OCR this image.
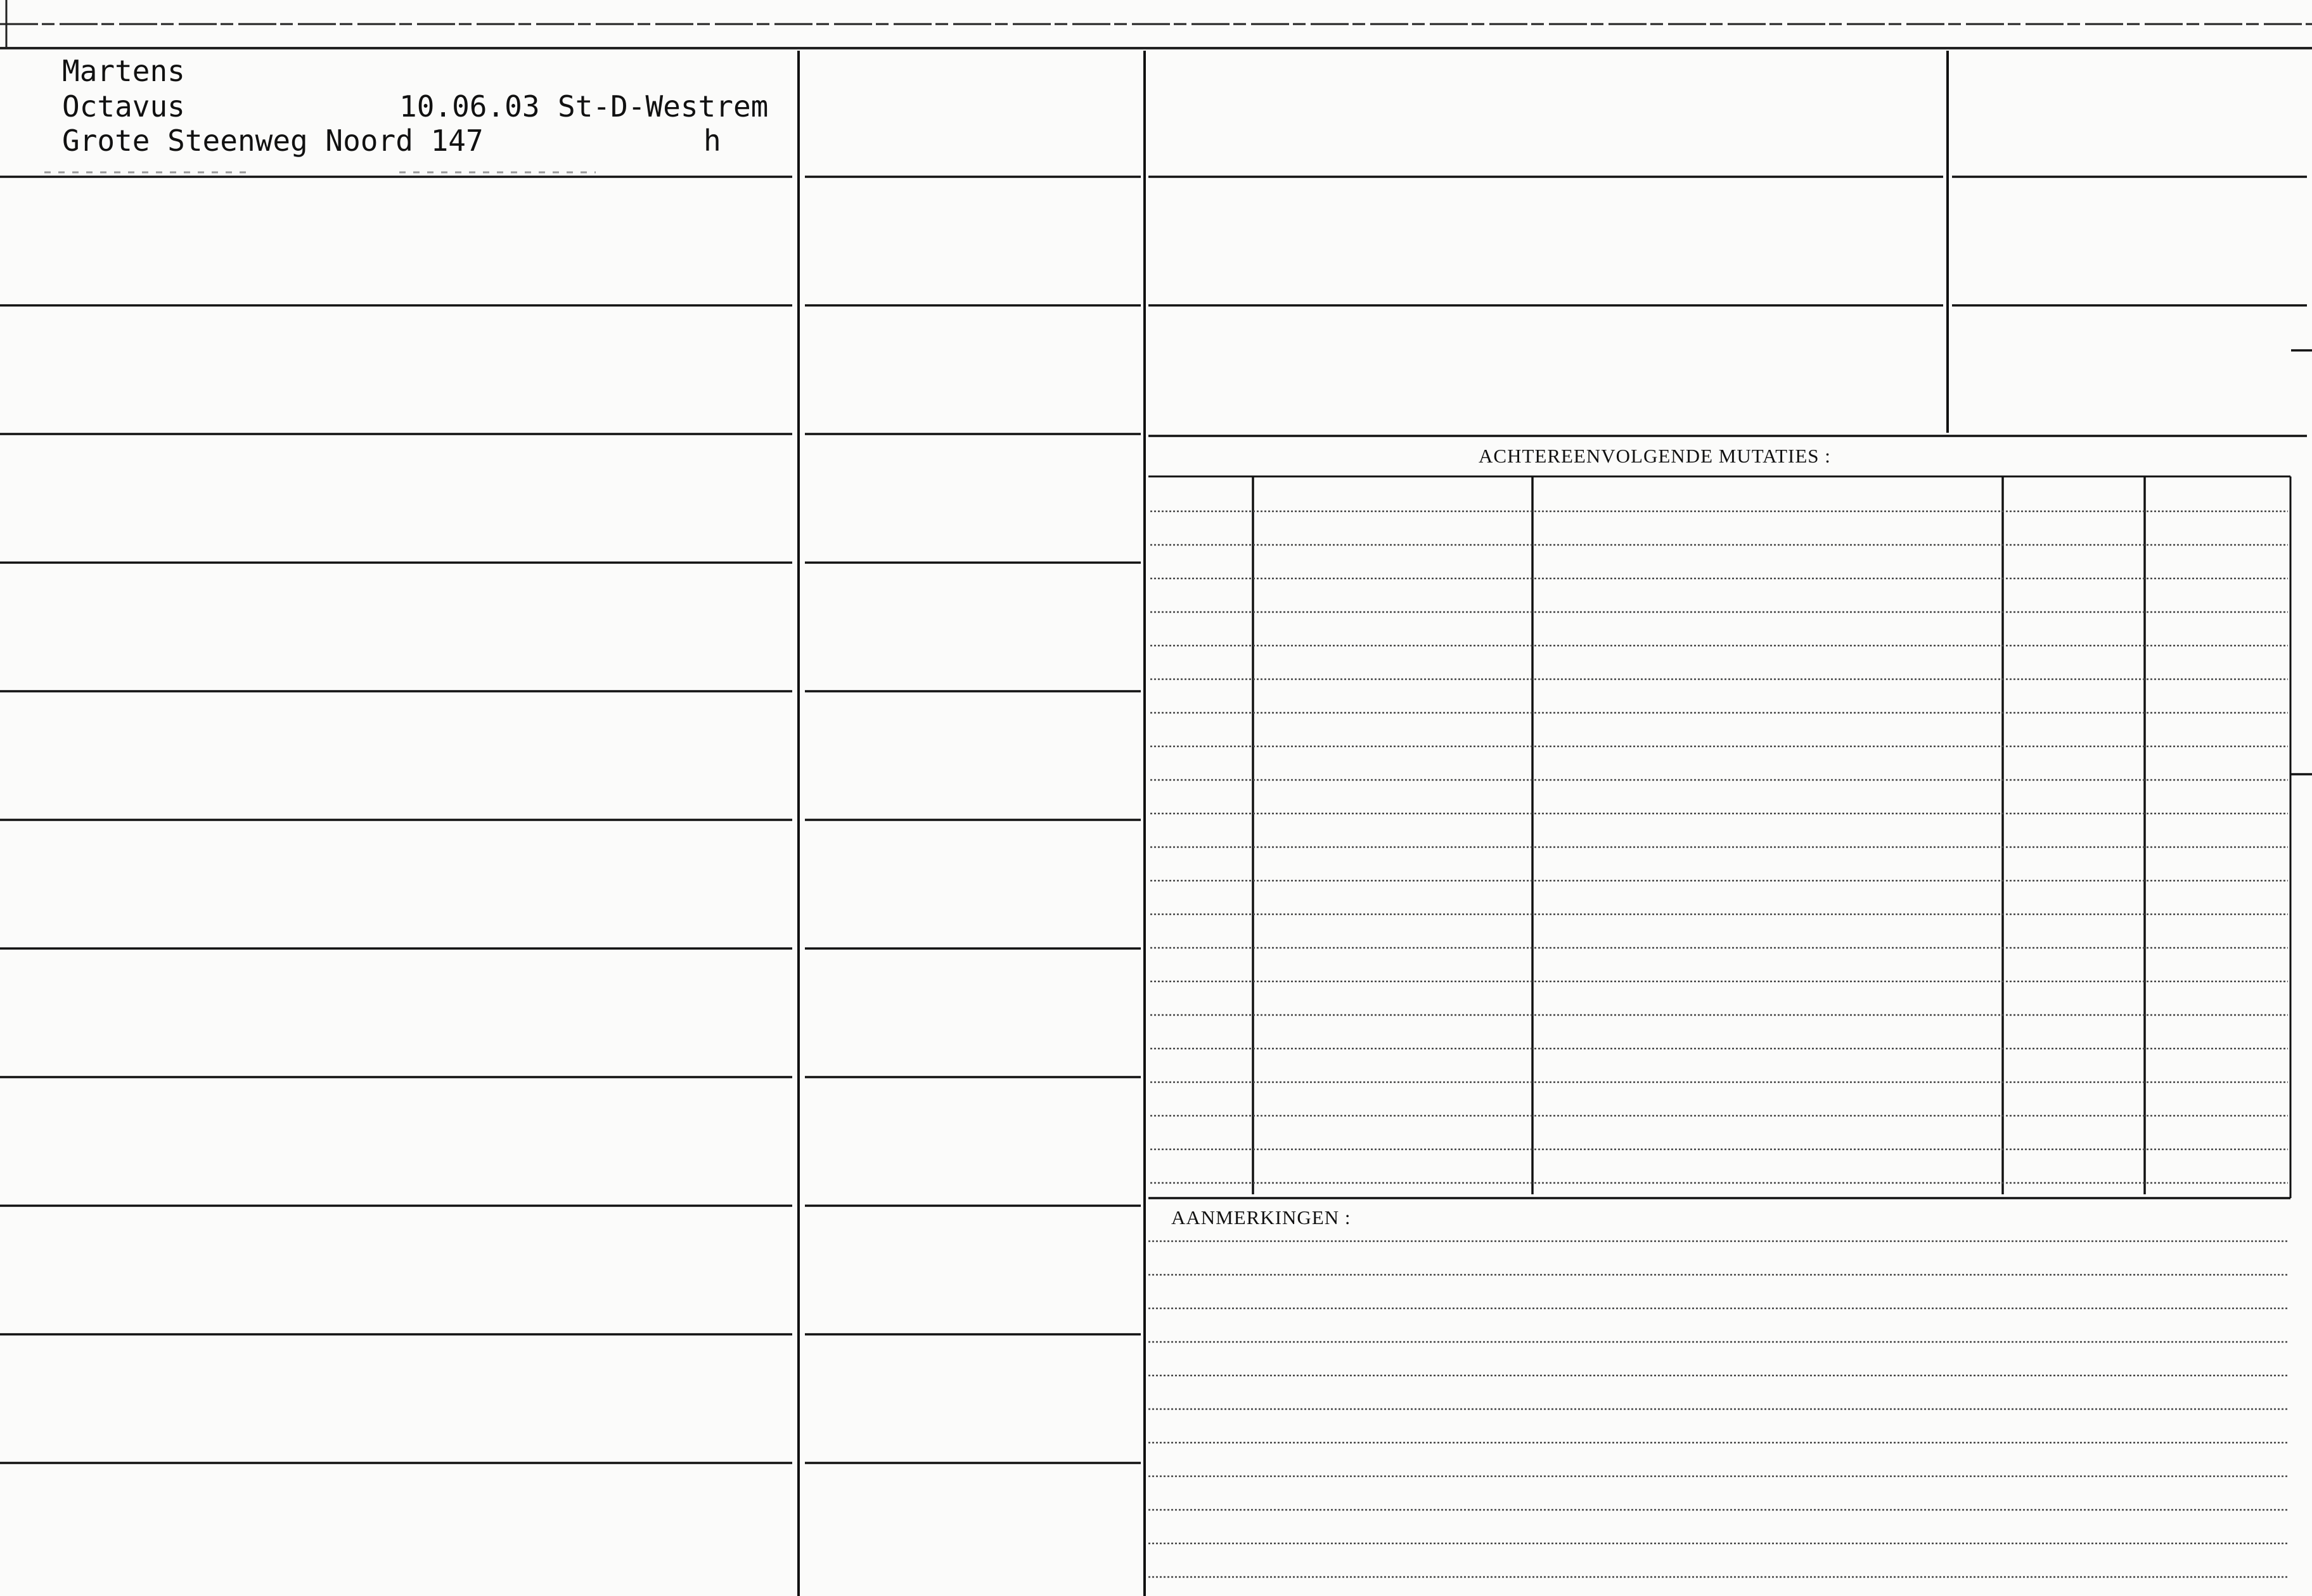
Martens
Octavus	10.06.03 St-D-Westrem
Grote Steenweg Noord 147	h
ACHTEREENVOLGENDE MUTATIES :
AANMERKINGEN :
